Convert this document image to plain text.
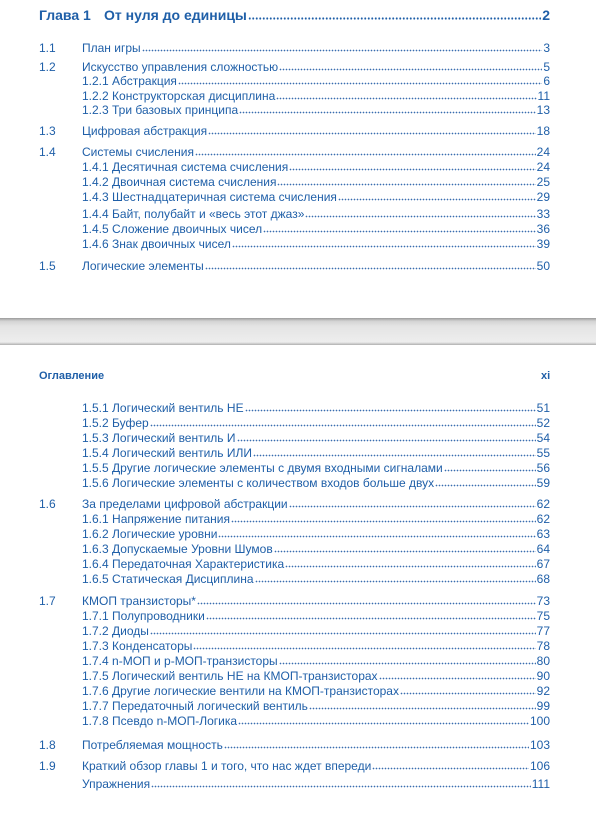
Глава 1 От нуля до единицы	2
1.1 План игры	3
1.2 Искусство управления сложностью	5
1.2.1 Абстракция	6
1.2.2 Конструкторская дисциплина	11
1.2.3 Три базовых принципа	13
1.3 Цифровая абстракция	18
1.4 Системы счисления	24
1.4.1 Десятичная система счисления	24
1.4.2 Двоичная система счисления	25
1.4.3 Шестнадцатеричная система счисления	29
1.4.4 Байт, полубайт и «весь этот джаз»	33
1.4.5 Сложение двоичных чисел	36
1.4.6 Знак двоичных чисел	39
1.5 Логические элементы	50
Оглавление	xi
1.5.1 Логический вентиль НЕ	51
1.5.2 Буфер	52
1.5.3 Логический вентиль И	54
1.5.4 Логический вентиль ИЛИ	55
1.5.5 Другие логические элементы с двумя входными сигналами	56
1.5.6 Логические элементы с количеством входов больше двух	59
1.6 За пределами цифровой абстракции	62
1.6.1 Напряжение питания	62
1.6.2 Логические уровни	63
1.6.3 Допускаемые Уровни Шумов	64
1.6.4 Передаточная Характеристика	67
1.6.5 Статическая Дисциплина	68
1.7 КМОП транзисторы*	73
1.7.1 Полупроводники	75
1.7.2 Диоды	77
1.7.3 Конденсаторы	78
1.7.4 n-МОП и p-МОП-транзисторы	80
1.7.5 Логический вентиль НЕ на КМОП-транзисторах	90
1.7.6 Другие логические вентили на КМОП-транзисторах	92
1.7.7 Передаточный логический вентиль	99
1.7.8 Псевдо n-МОП-Логика	100
1.8 Потребляемая мощность	103
1.9 Краткий обзор главы 1 и того, что нас ждет впереди	106
Упражнения	111
